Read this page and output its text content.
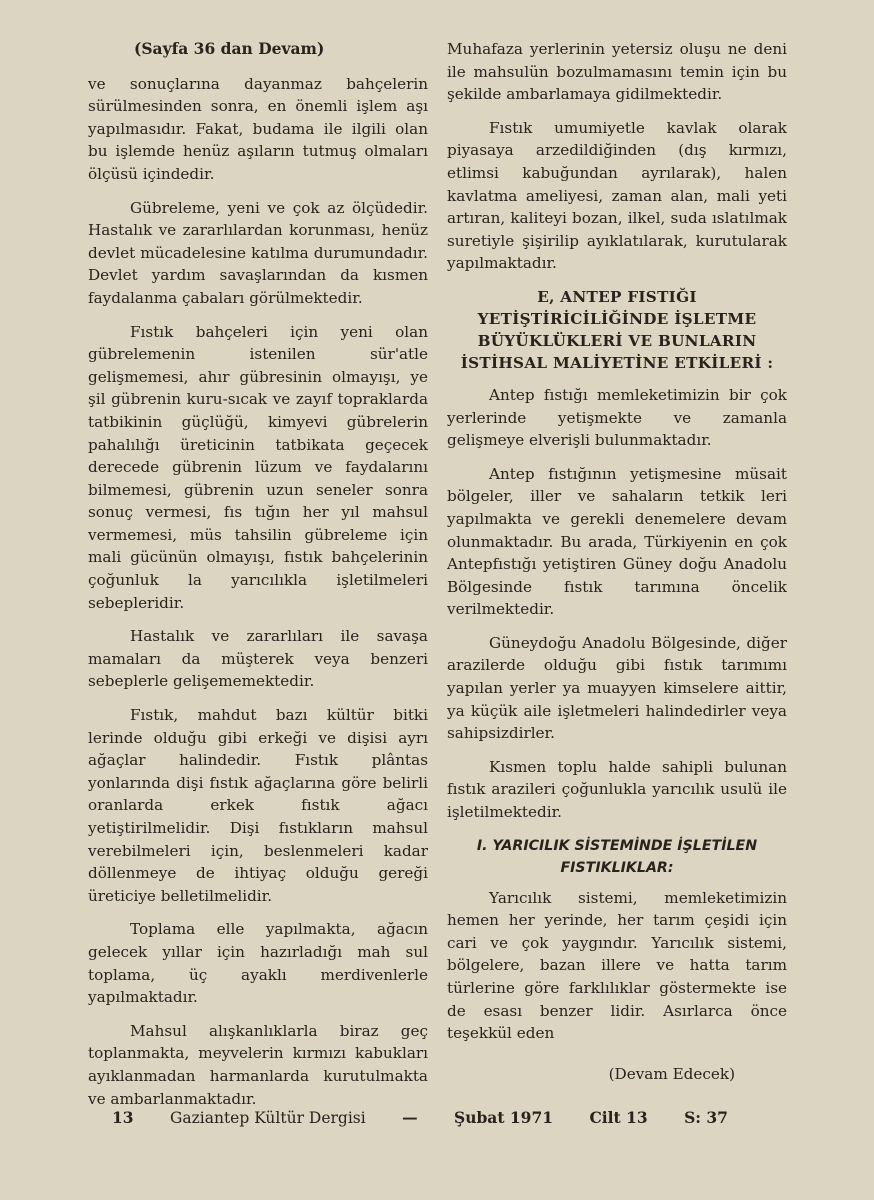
(Sayfa 36 dan Devam)

ve sonuçlarına dayanmaz bahçelerin sürülmesinden sonra, en önemli işlem aşı yapılmasıdır. Fakat, budama ile ilgili olan bu işlemde henüz aşıların tutmuş olmaları ölçüsü içindedir.

Gübreleme, yeni ve çok az ölçüdedir. Hastalık ve zararlılardan korunması, henüz devlet mücadelesine katılma durumundadır. Devlet yardım savaşlarından da kısmen faydalanma çabaları görülmektedir.

Fıstık bahçeleri için yeni olan gübrelemenin istenilen sür'atle gelişmemesi, ahır gübresinin olmayışı, ye şil gübrenin kuru-sıcak ve zayıf topraklarda tatbikinin güçlüğü, kimyevi gübrelerin pahalılığı üreticinin tatbikata geçecek derecede gübrenin lüzum ve faydalarını bilmemesi, gübrenin uzun seneler sonra sonuç vermesi, fıs tığın her yıl mahsul vermemesi, müs tahsilin gübreleme için mali gücünün olmayışı, fıstık bahçelerinin çoğunluk la yarıcılıkla işletilmeleri sebepleridir.

Hastalık ve zararlıları ile savaşa mamaları da müşterek veya benzeri sebeplerle gelişememektedir.

Fıstık, mahdut bazı kültür bitki lerinde olduğu gibi erkeği ve dişisi ayrı ağaçlar halindedir. Fıstık plântas yonlarında dişi fıstık ağaçlarına göre belirli oranlarda erkek fıstık ağacı yetiştirilmelidir. Dişi fıstıkların mahsul verebilmeleri için, beslenmeleri kadar döllenmeye de ihtiyaç olduğu gereği üreticiye belletilmelidir.

Toplama elle yapılmakta, ağacın gelecek yıllar için hazırladığı mah sul toplama, üç ayaklı merdivenlerle yapılmaktadır.

Mahsul alışkanlıklarla biraz geç toplanmakta, meyvelerin kırmızı kabukları ayıklanmadan harmanlarda kurutulmakta ve ambarlanmaktadır.

Muhafaza yerlerinin yetersiz oluşu ne deni ile mahsulün bozulmamasını temin için bu şekilde ambarlamaya gidilmektedir.

Fıstık umumiyetle kavlak olarak piyasaya arzedildiğinden (dış kırmızı, etlimsi kabuğundan ayrılarak), halen kavlatma ameliyesi, zaman alan, mali yeti artıran, kaliteyi bozan, ilkel, suda ıslatılmak suretiyle şişirilip ayıklatılarak, kurutularak yapılmaktadır.

E, ANTEP FISTIĞI YETİŞTİRİCİLİĞİNDE İŞLETME BÜYÜKLÜKLERİ VE BUNLARIN İSTİHSAL MALİYETİNE ETKİLERİ :

Antep fıstığı memleketimizin bir çok yerlerinde yetişmekte ve zamanla gelişmeye elverişli bulunmaktadır.

Antep fıstığının yetişmesine müsait bölgeler, iller ve sahaların tetkik leri yapılmakta ve gerekli denemelere devam olunmaktadır. Bu arada, Türkiyenin en çok Antepfıstığı yetiştiren Güney doğu Anadolu Bölgesinde fıstık tarımına öncelik verilmektedir.

Güneydoğu Anadolu Bölgesinde, diğer arazilerde olduğu gibi fıstık tarımımı yapılan yerler ya muayyen kimselere aittir, ya küçük aile işletmeleri halindedirler veya sahipsizdirler.

Kısmen toplu halde sahipli bulunan fıstık arazileri çoğunlukla yarıcılık usulü ile işletilmektedir.

I. YARICILIK SİSTEMİNDE İŞLETİLEN FISTIKLIKLAR:

Yarıcılık sistemi, memleketimizin hemen her yerinde, her tarım çeşidi için cari ve çok yaygındır. Yarıcılık sistemi, bölgelere, bazan illere ve hatta tarım türlerine göre farklılıklar göstermekte ise de esası benzer lidir. Asırlarca önce teşekkül eden

(Devam Edecek)
13 Gaziantep Kültür Dergisi — Şubat 1971 Cilt 13 S: 37
